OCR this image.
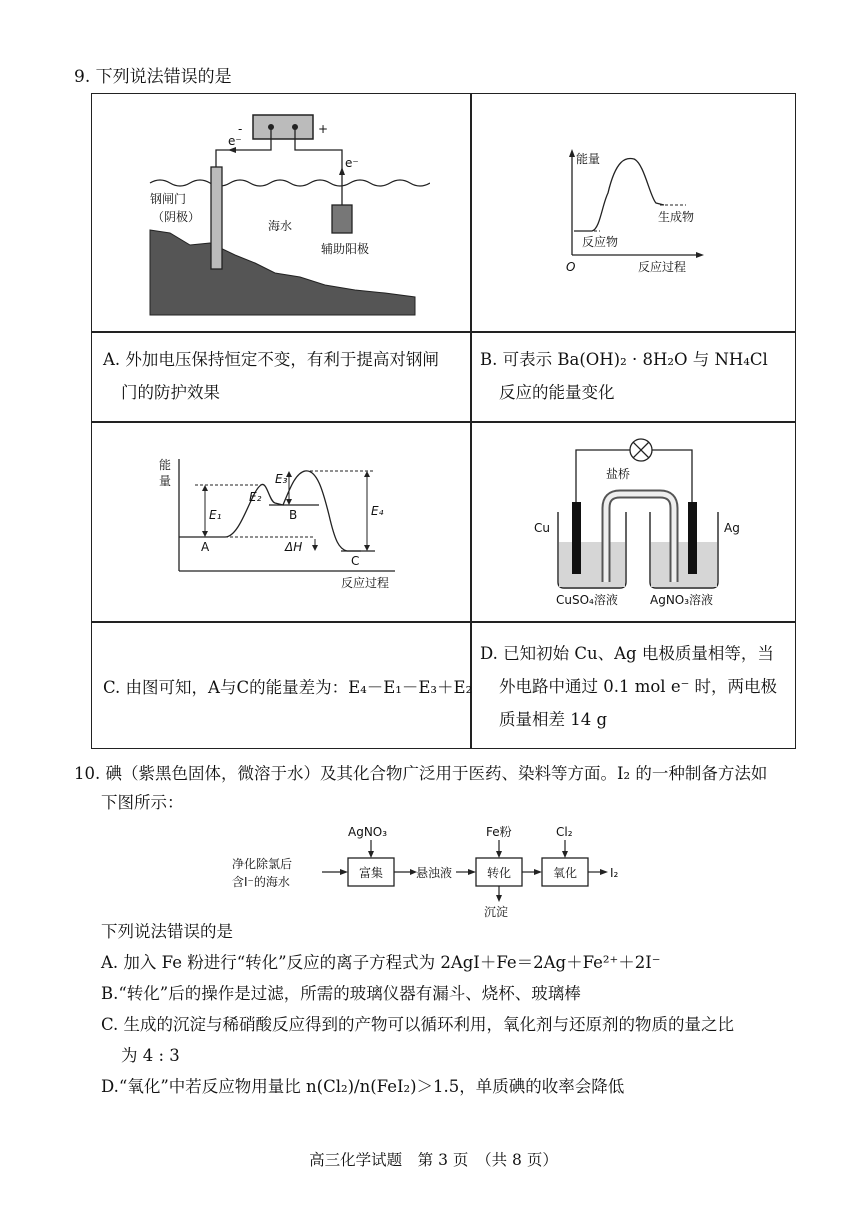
9. 下列说法错误的是
-	+
e⁻
e⁻
钢闸门
（阴极）
海水
辅助阳极
能量
O	反应过程
反应物
生成物
A. 外加电压保持恒定不变，有利于提高对钢闸
门的防护效果
B. 可表示 Ba(OH)₂ · 8H₂O 与 NH₄Cl
反应的能量变化
能
量
反应过程
E₁
E₂
E₃
E₄
ΔH
A
B
C
盐桥
Cu	Ag
CuSO₄溶液	AgNO₃溶液
C. 由图可知，A与C的能量差为：E₄－E₁－E₃＋E₂
D. 已知初始 Cu、Ag 电极质量相等，当
外电路中通过 0.1 mol e⁻ 时，两电极
质量相差 14 g
10. 碘（紫黑色固体，微溶于水）及其化合物广泛用于医药、染料等方面。I₂ 的一种制备方法如
下图所示：
净化除氯后
含I⁻的海水
富集
AgNO₃
悬浊液	转化
Fe粉
沉淀
氧化
Cl₂
I₂
下列说法错误的是
A. 加入 Fe 粉进行“转化”反应的离子方程式为 2AgI＋Fe＝2Ag＋Fe²⁺＋2I⁻
B.“转化”后的操作是过滤，所需的玻璃仪器有漏斗、烧杯、玻璃棒
C. 生成的沉淀与稀硝酸反应得到的产物可以循环利用，氧化剂与还原剂的物质的量之比
为 4 : 3
D.“氧化”中若反应物用量比 n(Cl₂)/n(FeI₂)＞1.5，单质碘的收率会降低
高三化学试题　第 3 页　（共 8 页）
